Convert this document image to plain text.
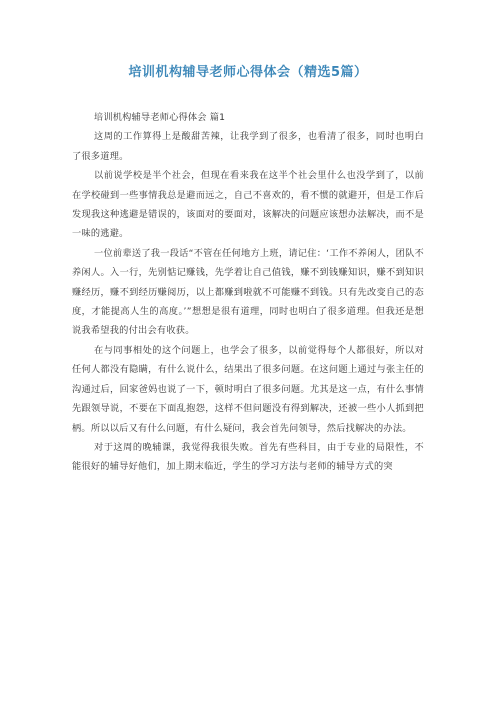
培训机构辅导老师心得体会（精选5篇）

培训机构辅导老师心得体会 篇1

这周的工作算得上是酸甜苦辣，让我学到了很多，也看清了很多，同时也明白了很多道理。

以前说学校是半个社会，但现在看来我在这半个社会里什么也没学到了，以前在学校碰到一些事情我总是避而远之，自己不喜欢的，看不惯的就避开，但是工作后发现我这种逃避是错误的，该面对的要面对，该解决的问题应该想办法解决，而不是一味的逃避。

一位前辈送了我一段话“不管在任何地方上班，请记住：‘工作不养闲人，团队不养闲人。入一行，先别惦记赚钱，先学着让自己值钱，赚不到钱赚知识，赚不到知识赚经历，赚不到经历赚阅历，以上都赚到啦就不可能赚不到钱。只有先改变自己的态度，才能提高人生的高度。’”想想是很有道理，同时也明白了很多道理。但我还是想说我希望我的付出会有收获。

在与同事相处的这个问题上，也学会了很多，以前觉得每个人都很好，所以对任何人都没有隐瞒，有什么说什么，结果出了很多问题。在这问题上通过与张主任的沟通过后，回家爸妈也说了一下，顿时明白了很多问题。尤其是这一点，有什么事情先跟领导说，不要在下面乱抱怨，这样不但问题没有得到解决，还被一些小人抓到把柄。所以以后又有什么问题，有什么疑问，我会首先问领导，然后找解决的办法。

对于这周的晚辅课，我觉得我很失败。首先有些科目，由于专业的局限性，不能很好的辅导好他们，加上期末临近，学生的学习方法与老师的辅导方式的突
